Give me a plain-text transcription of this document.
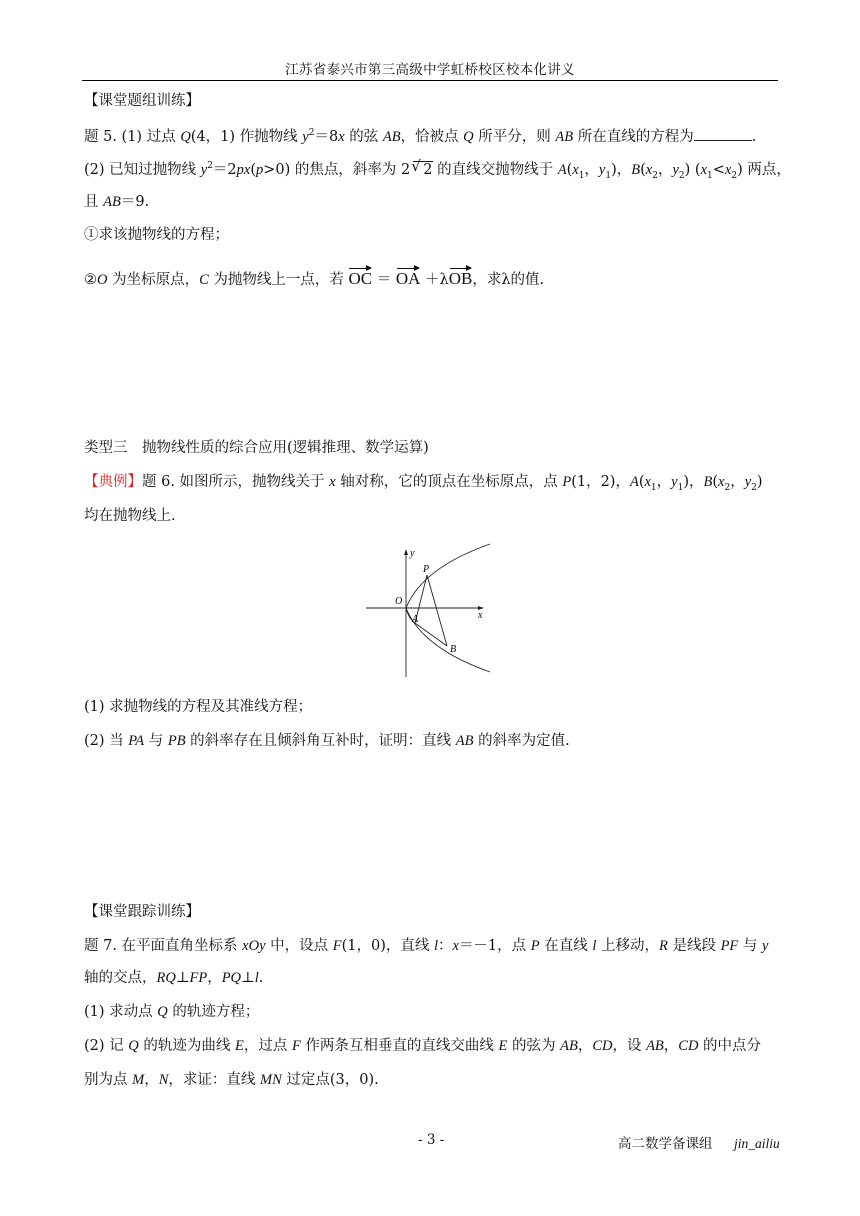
江苏省泰兴市第三高级中学虹桥校区校本化讲义
【课堂题组训练】
题 5. (1) 过点 Q(4，1) 作抛物线 $y^2=8x$ 的弦 AB，恰被点 Q 所平分，则 AB 所在直线的方程为	.
(2) 已知过抛物线 $y^2=2px(p>0)$ 的焦点，斜率为 2√ 2 的直线交抛物线于 $A(x_1$，$y_1$)，$B(x_2$，$y_2$) $(x_1<x_2)$ 两点，
且 AB＝9.
①求该抛物线的方程；
②O 为坐标原点，C 为抛物线上一点，若 OC ＝ OA ＋λOB，求λ的值.
类型三　抛物线性质的综合应用(逻辑推理、数学运算)
【典例】题 6. 如图所示，抛物线关于 x 轴对称，它的顶点在坐标原点，点 P(1，2)，$A(x_1$，$y_1$)，$B(x_2$，$y_2$)
均在抛物线上.
y
x
O
P
A
B
(1) 求抛物线的方程及其准线方程；
(2) 当 PA 与 PB 的斜率存在且倾斜角互补时，证明：直线 AB 的斜率为定值.
【课堂跟踪训练】
题 7. 在平面直角坐标系 xOy 中，设点 F(1，0)，直线 l：x＝－1，点 P 在直线 l 上移动，R 是线段 PF 与 y
轴的交点，RQ⊥FP，PQ⊥l.
(1) 求动点 Q 的轨迹方程；
(2) 记 Q 的轨迹为曲线 E，过点 F 作两条互相垂直的直线交曲线 E 的弦为 AB，CD，设 AB，CD 的中点分
别为点 M，N，求证：直线 MN 过定点(3，0).
- 3 -	高二数学备课组 jin_ailiu
